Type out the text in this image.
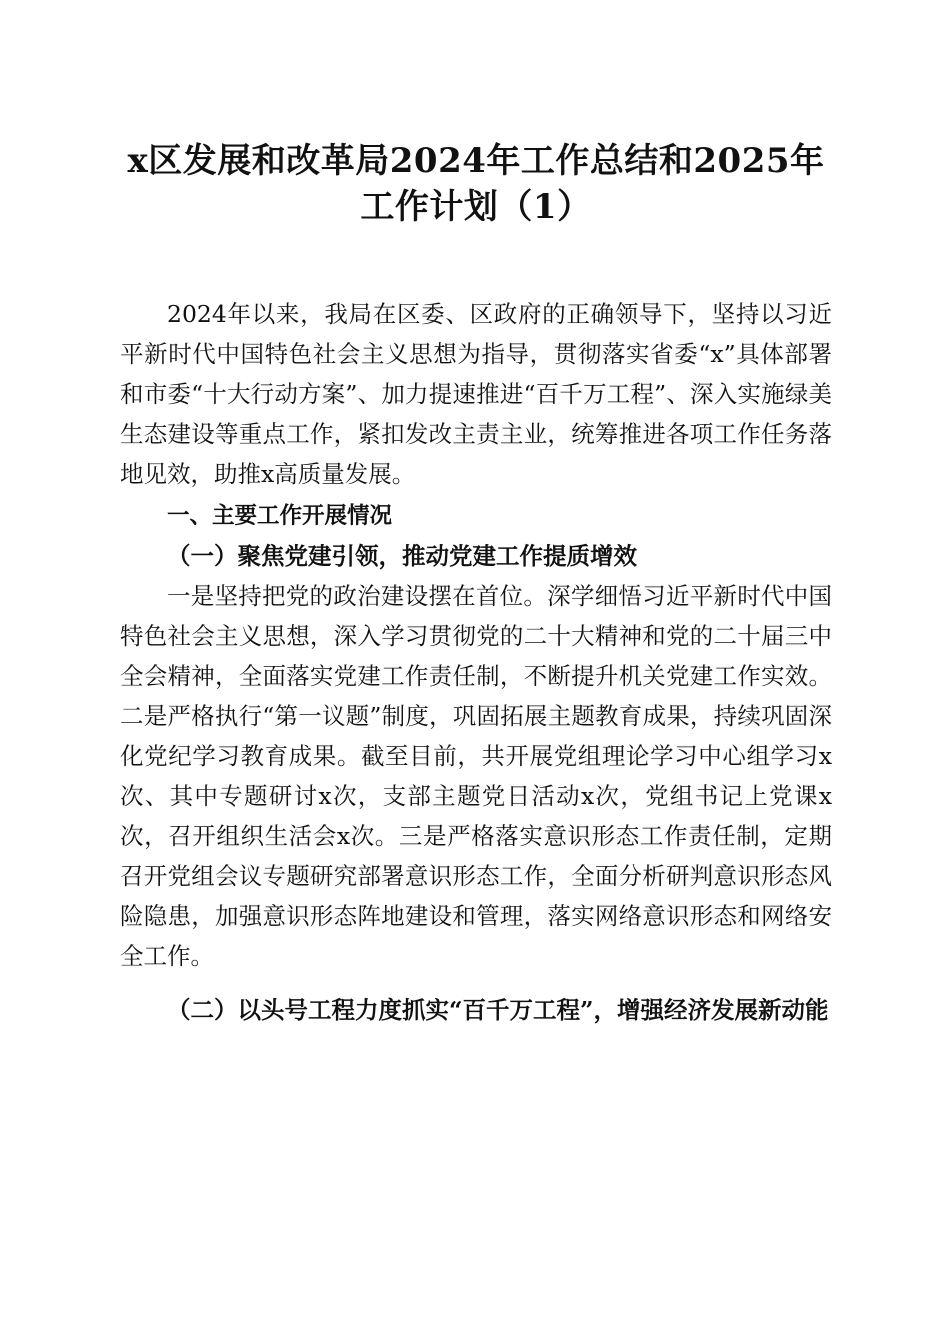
x区发展和改革局2024年工作总结和2025年
工作计划（1）

2024年以来，我局在区委、区政府的正确领导下，坚持以习近平新时代中国特色社会主义思想为指导，贯彻落实省委“x”具体部署和市委“十大行动方案”、加力提速推进“百千万工程”、深入实施绿美生态建设等重点工作，紧扣发改主责主业，统筹推进各项工作任务落地见效，助推x高质量发展。

一、主要工作开展情况

（一）聚焦党建引领，推动党建工作提质增效

一是坚持把党的政治建设摆在首位。深学细悟习近平新时代中国特色社会主义思想，深入学习贯彻党的二十大精神和党的二十届三中全会精神，全面落实党建工作责任制，不断提升机关党建工作实效。二是严格执行“第一议题”制度，巩固拓展主题教育成果，持续巩固深化党纪学习教育成果。截至目前，共开展党组理论学习中心组学习x次、其中专题研讨x次，支部主题党日活动x次，党组书记上党课x次，召开组织生活会x次。三是严格落实意识形态工作责任制，定期召开党组会议专题研究部署意识形态工作，全面分析研判意识形态风险隐患，加强意识形态阵地建设和管理，落实网络意识形态和网络安全工作。

（二）以头号工程力度抓实“百千万工程”，增强经济发展新动能
